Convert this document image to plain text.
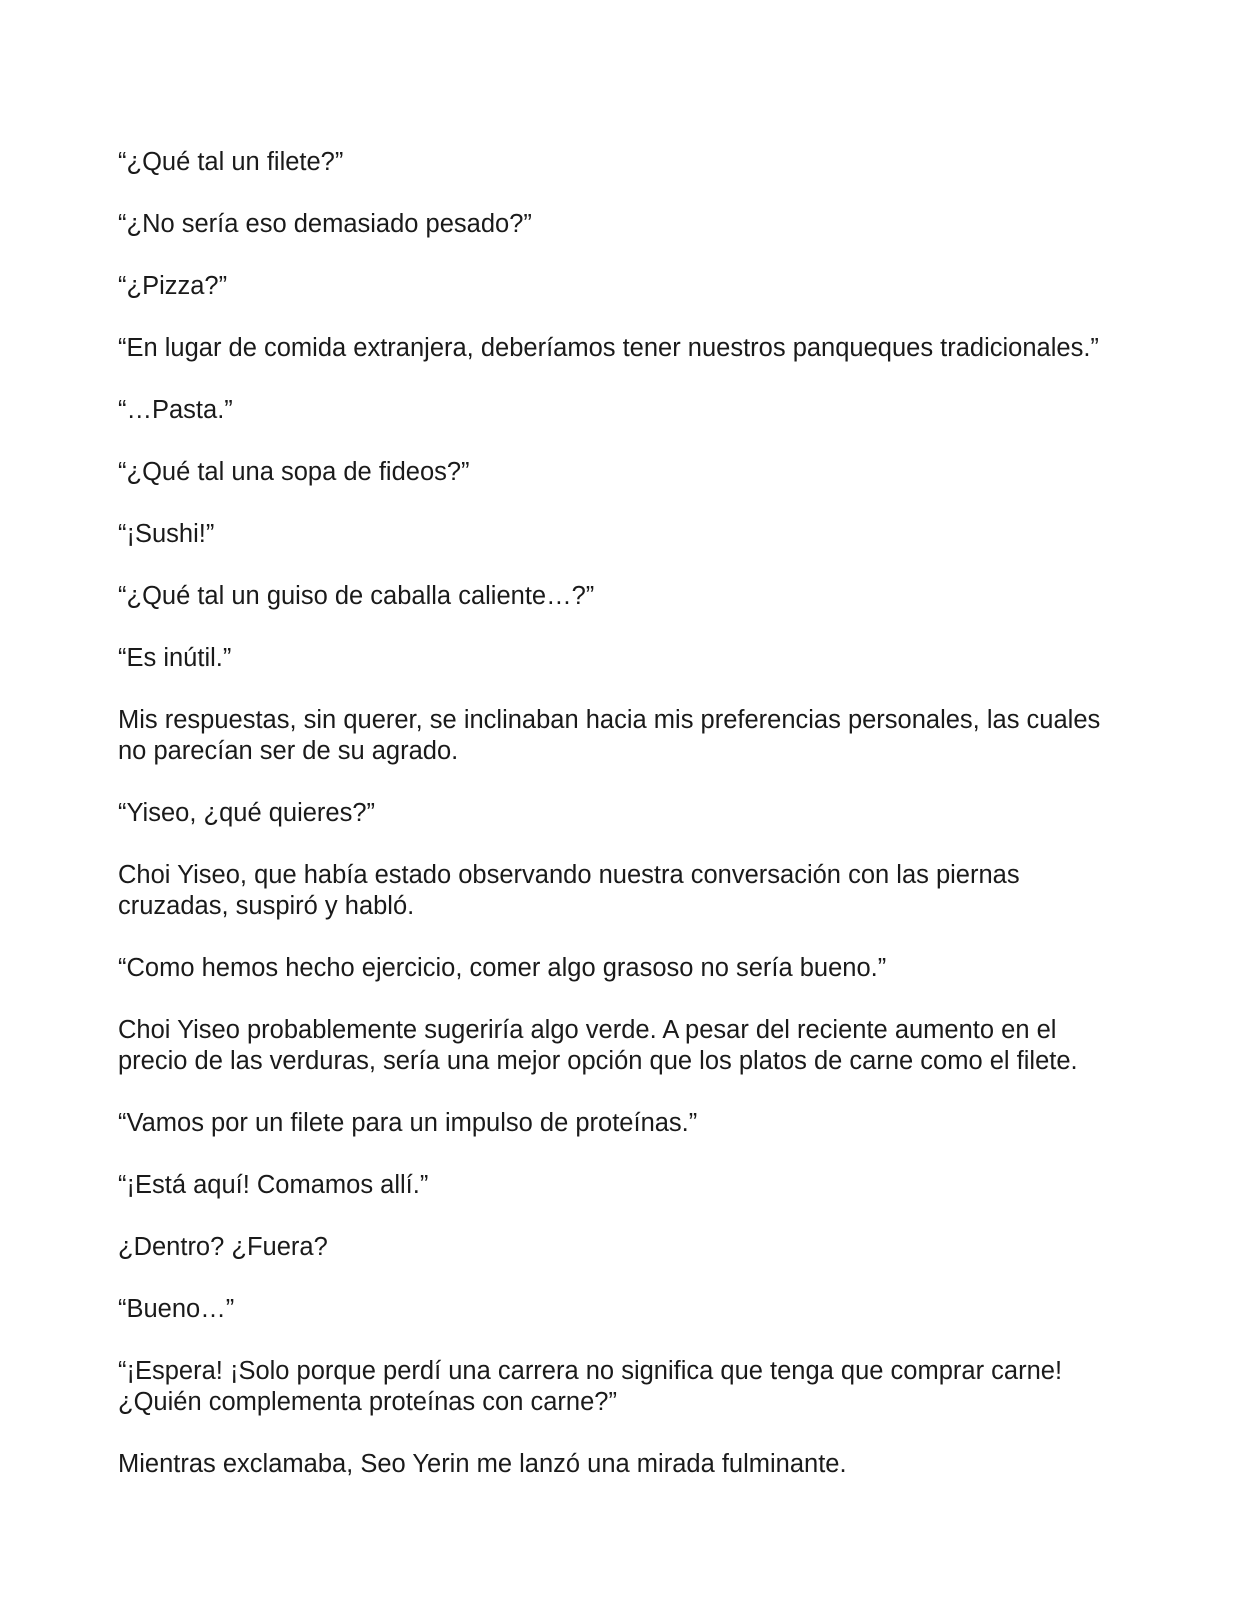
“¿Qué tal un filete?”

“¿No sería eso demasiado pesado?”

“¿Pizza?”

“En lugar de comida extranjera, deberíamos tener nuestros panqueques tradicionales.”

“…Pasta.”

“¿Qué tal una sopa de fideos?”

“¡Sushi!”

“¿Qué tal un guiso de caballa caliente…?”

“Es inútil.”

Mis respuestas, sin querer, se inclinaban hacia mis preferencias personales, las cuales no parecían ser de su agrado.

“Yiseo, ¿qué quieres?”

Choi Yiseo, que había estado observando nuestra conversación con las piernas cruzadas, suspiró y habló.

“Como hemos hecho ejercicio, comer algo grasoso no sería bueno.”

Choi Yiseo probablemente sugeriría algo verde. A pesar del reciente aumento en el precio de las verduras, sería una mejor opción que los platos de carne como el filete.

“Vamos por un filete para un impulso de proteínas.”

“¡Está aquí! Comamos allí.”

¿Dentro? ¿Fuera?

“Bueno…”

“¡Espera! ¡Solo porque perdí una carrera no significa que tenga que comprar carne! ¿Quién complementa proteínas con carne?”

Mientras exclamaba, Seo Yerin me lanzó una mirada fulminante.
